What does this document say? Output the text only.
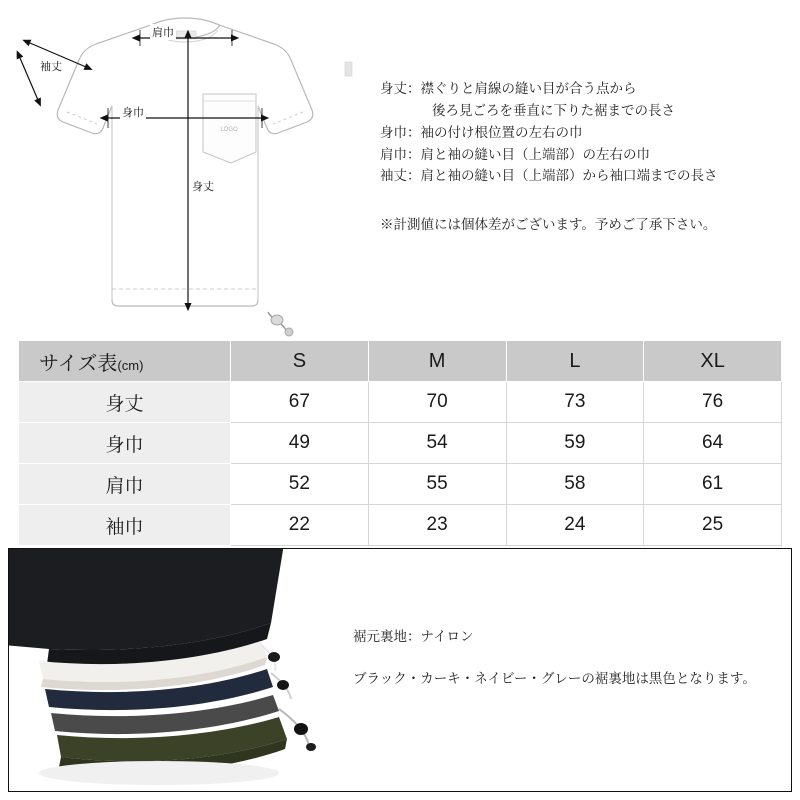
LOGO
袖丈
肩巾
身巾
身丈
身丈：襟ぐりと肩線の縫い目が合う点から
後ろ見ごろを垂直に下りた裾までの長さ
身巾：袖の付け根位置の左右の巾
肩巾：肩と袖の縫い目（上端部）の左右の巾
袖丈：肩と袖の縫い目（上端部）から袖口端までの長さ
※計測値には個体差がございます。予めご了承下さい。
サイズ表(cm)	S	M	L	XL
身丈	67	70	73	76
身巾	49	54	59	64
肩巾	52	55	58	61
袖巾	22	23	24	25
裾元裏地：ナイロン
ブラック・カーキ・ネイビー・グレーの裾裏地は黒色となります。
